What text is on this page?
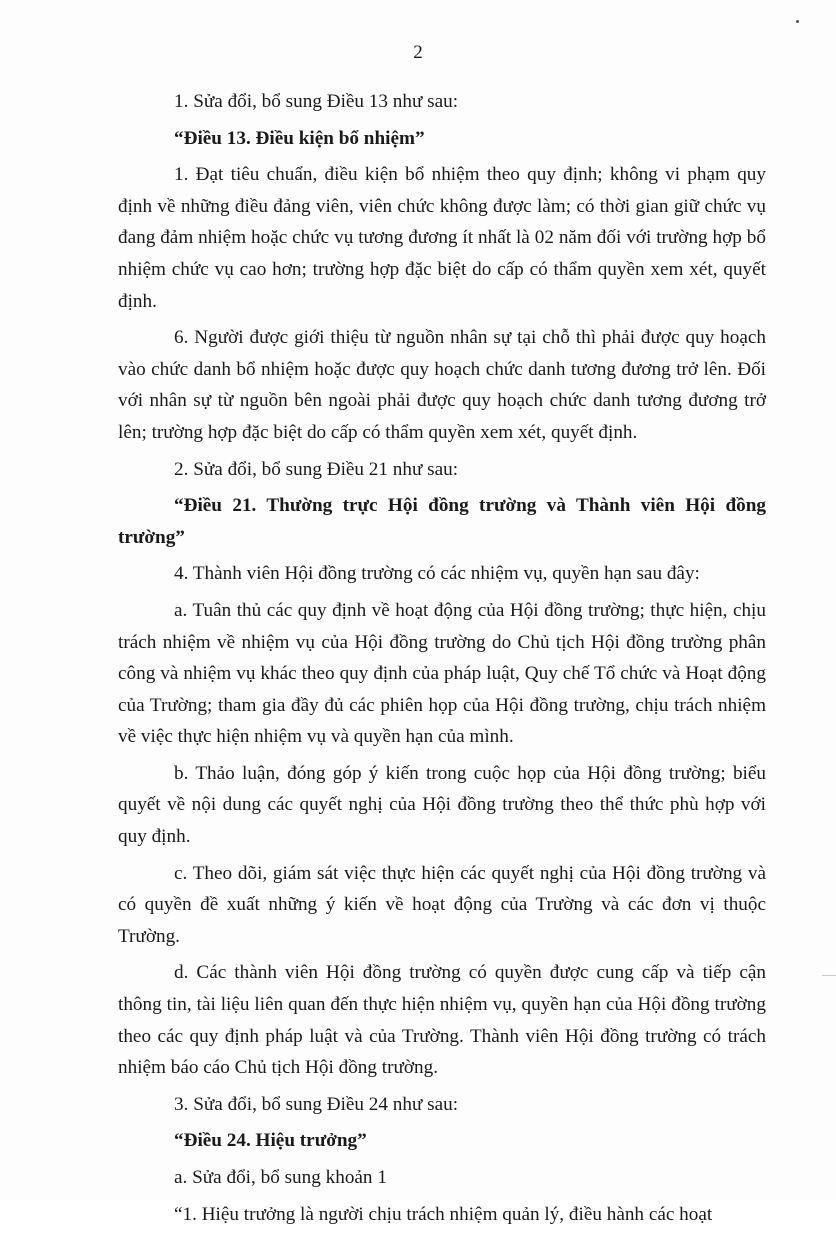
2

1. Sửa đổi, bổ sung Điều 13 như sau:

“Điều 13. Điều kiện bổ nhiệm”

1. Đạt tiêu chuẩn, điều kiện bổ nhiệm theo quy định; không vi phạm quy định về những điều đảng viên, viên chức không được làm; có thời gian giữ chức vụ đang đảm nhiệm hoặc chức vụ tương đương ít nhất là 02 năm đối với trường hợp bổ nhiệm chức vụ cao hơn; trường hợp đặc biệt do cấp có thẩm quyền xem xét, quyết định.

6. Người được giới thiệu từ nguồn nhân sự tại chỗ thì phải được quy hoạch vào chức danh bổ nhiệm hoặc được quy hoạch chức danh tương đương trở lên. Đối với nhân sự từ nguồn bên ngoài phải được quy hoạch chức danh tương đương trở lên; trường hợp đặc biệt do cấp có thẩm quyền xem xét, quyết định.

2. Sửa đổi, bổ sung Điều 21 như sau:

“Điều 21. Thường trực Hội đồng trường và Thành viên Hội đồng trường”

4. Thành viên Hội đồng trường có các nhiệm vụ, quyền hạn sau đây:

a. Tuân thủ các quy định về hoạt động của Hội đồng trường; thực hiện, chịu trách nhiệm về nhiệm vụ của Hội đồng trường do Chủ tịch Hội đồng trường phân công và nhiệm vụ khác theo quy định của pháp luật, Quy chế Tổ chức và Hoạt động của Trường; tham gia đầy đủ các phiên họp của Hội đồng trường, chịu trách nhiệm về việc thực hiện nhiệm vụ và quyền hạn của mình.

b. Thảo luận, đóng góp ý kiến trong cuộc họp của Hội đồng trường; biểu quyết về nội dung các quyết nghị của Hội đồng trường theo thể thức phù hợp với quy định.

c. Theo dõi, giám sát việc thực hiện các quyết nghị của Hội đồng trường và có quyền đề xuất những ý kiến về hoạt động của Trường và các đơn vị thuộc Trường.

d. Các thành viên Hội đồng trường có quyền được cung cấp và tiếp cận thông tin, tài liệu liên quan đến thực hiện nhiệm vụ, quyền hạn của Hội đồng trường theo các quy định pháp luật và của Trường. Thành viên Hội đồng trường có trách nhiệm báo cáo Chủ tịch Hội đồng trường.

3. Sửa đổi, bổ sung Điều 24 như sau:

“Điều 24. Hiệu trưởng”

a. Sửa đổi, bổ sung khoản 1

“1. Hiệu trưởng là người chịu trách nhiệm quản lý, điều hành các hoạt
